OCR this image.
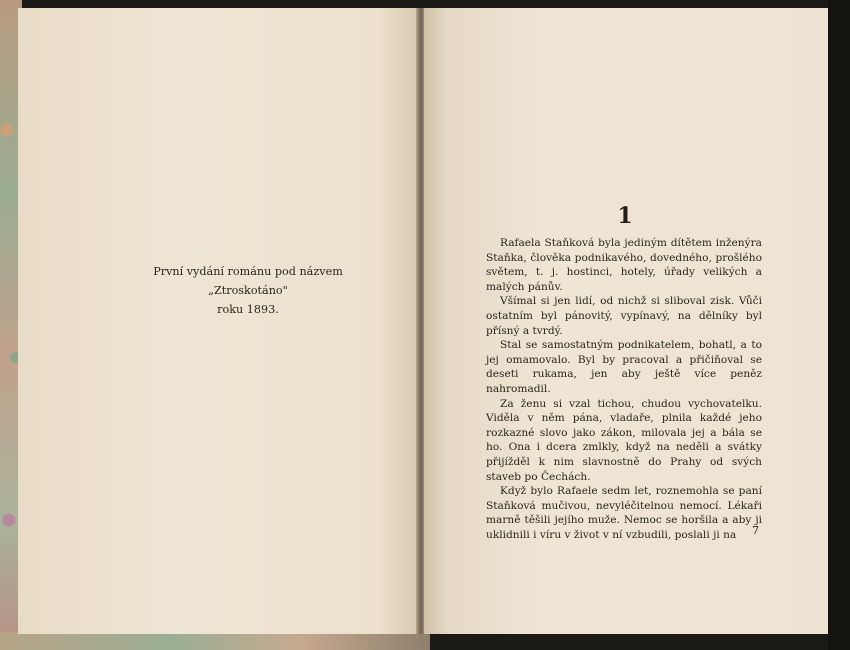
První vydání románu pod názvem
„Ztroskotáno"
roku 1893.
1

Rafaela Staňková byla jediným dítětem inženýra Staňka, člověka podnikavého, dovedného, prošlého světem, t. j. hostinci, hotely, úřady velikých a malých pánův.

Všímal si jen lidí, od nichž si sliboval zisk. Vůči ostatním byl pánovitý, vypínavý, na dělníky byl přísný a tvrdý.

Stal se samostatným podnikatelem, bohatl, a to jej omamovalo. Byl by pracoval a přičiňoval se deseti rukama, jen aby ještě více peněz nahromadil.

Za ženu si vzal tichou, chudou vychovatelku. Viděla v něm pána, vladaře, plnila každé jeho rozkazné slovo jako zákon, milovala jej a bála se ho. Ona i dcera zmlkly, když na neděli a svátky přijížděl k nim slavnostně do Prahy od svých staveb po Čechách.

Když bylo Rafaele sedm let, roznemohla se paní Staňková mučivou, nevyléčitelnou nemocí. Lékaři marně těšili jejího muže. Nemoc se horšila a aby ji uklidnili i víru v život v ní vzbudili, poslali ji na	7
